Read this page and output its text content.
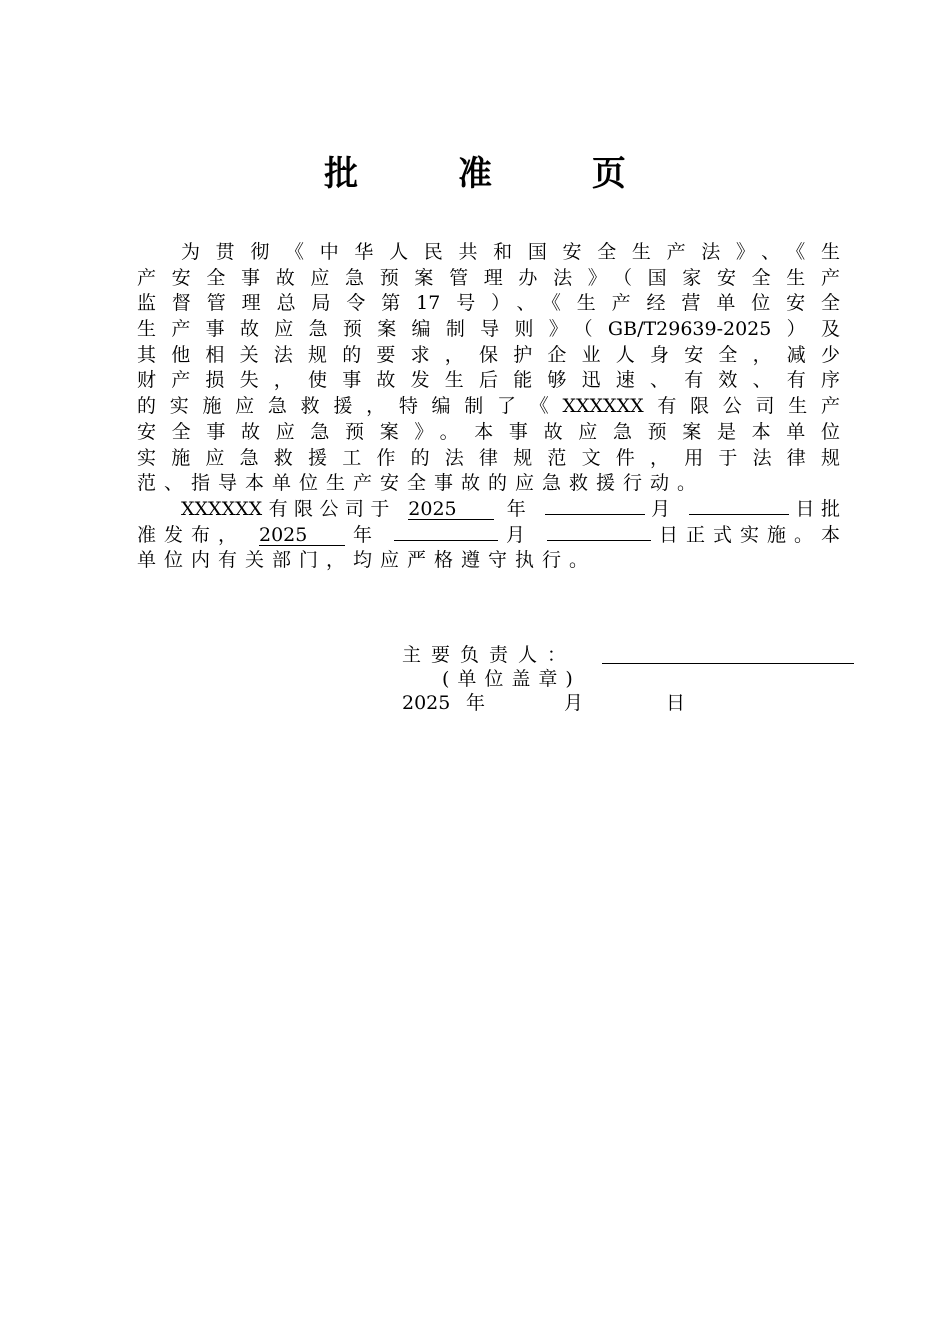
批 准 页
为贯彻《中华人民共和国安全生产法》、《生
产安全事故应急预案管理办法》（国家安全生产
监督管理总局令第17号）、《生产经营单位安全
生产事故应急预案编制导则》（GB/T29639-2025）及
其他相关法规的要求，保护企业人身安全，减少
财产损失，使事故发生后能够迅速、有效、有序
的实施应急救援，特编制了《XXXXXX有限公司生产
安全事故应急预案》。本事故应急预案是本单位
实施应急救援工作的法律规范文件，用于法律规
范、指导本单位生产安全事故的应急救援行动。
XXXXXX有限公司于 2025	年	月	日批
准发布， 2025 年	月	日正式实施。本
单位内有关部门，均应严格遵守执行。
主要负责人：
(单位盖章)
2025 年	月	日
